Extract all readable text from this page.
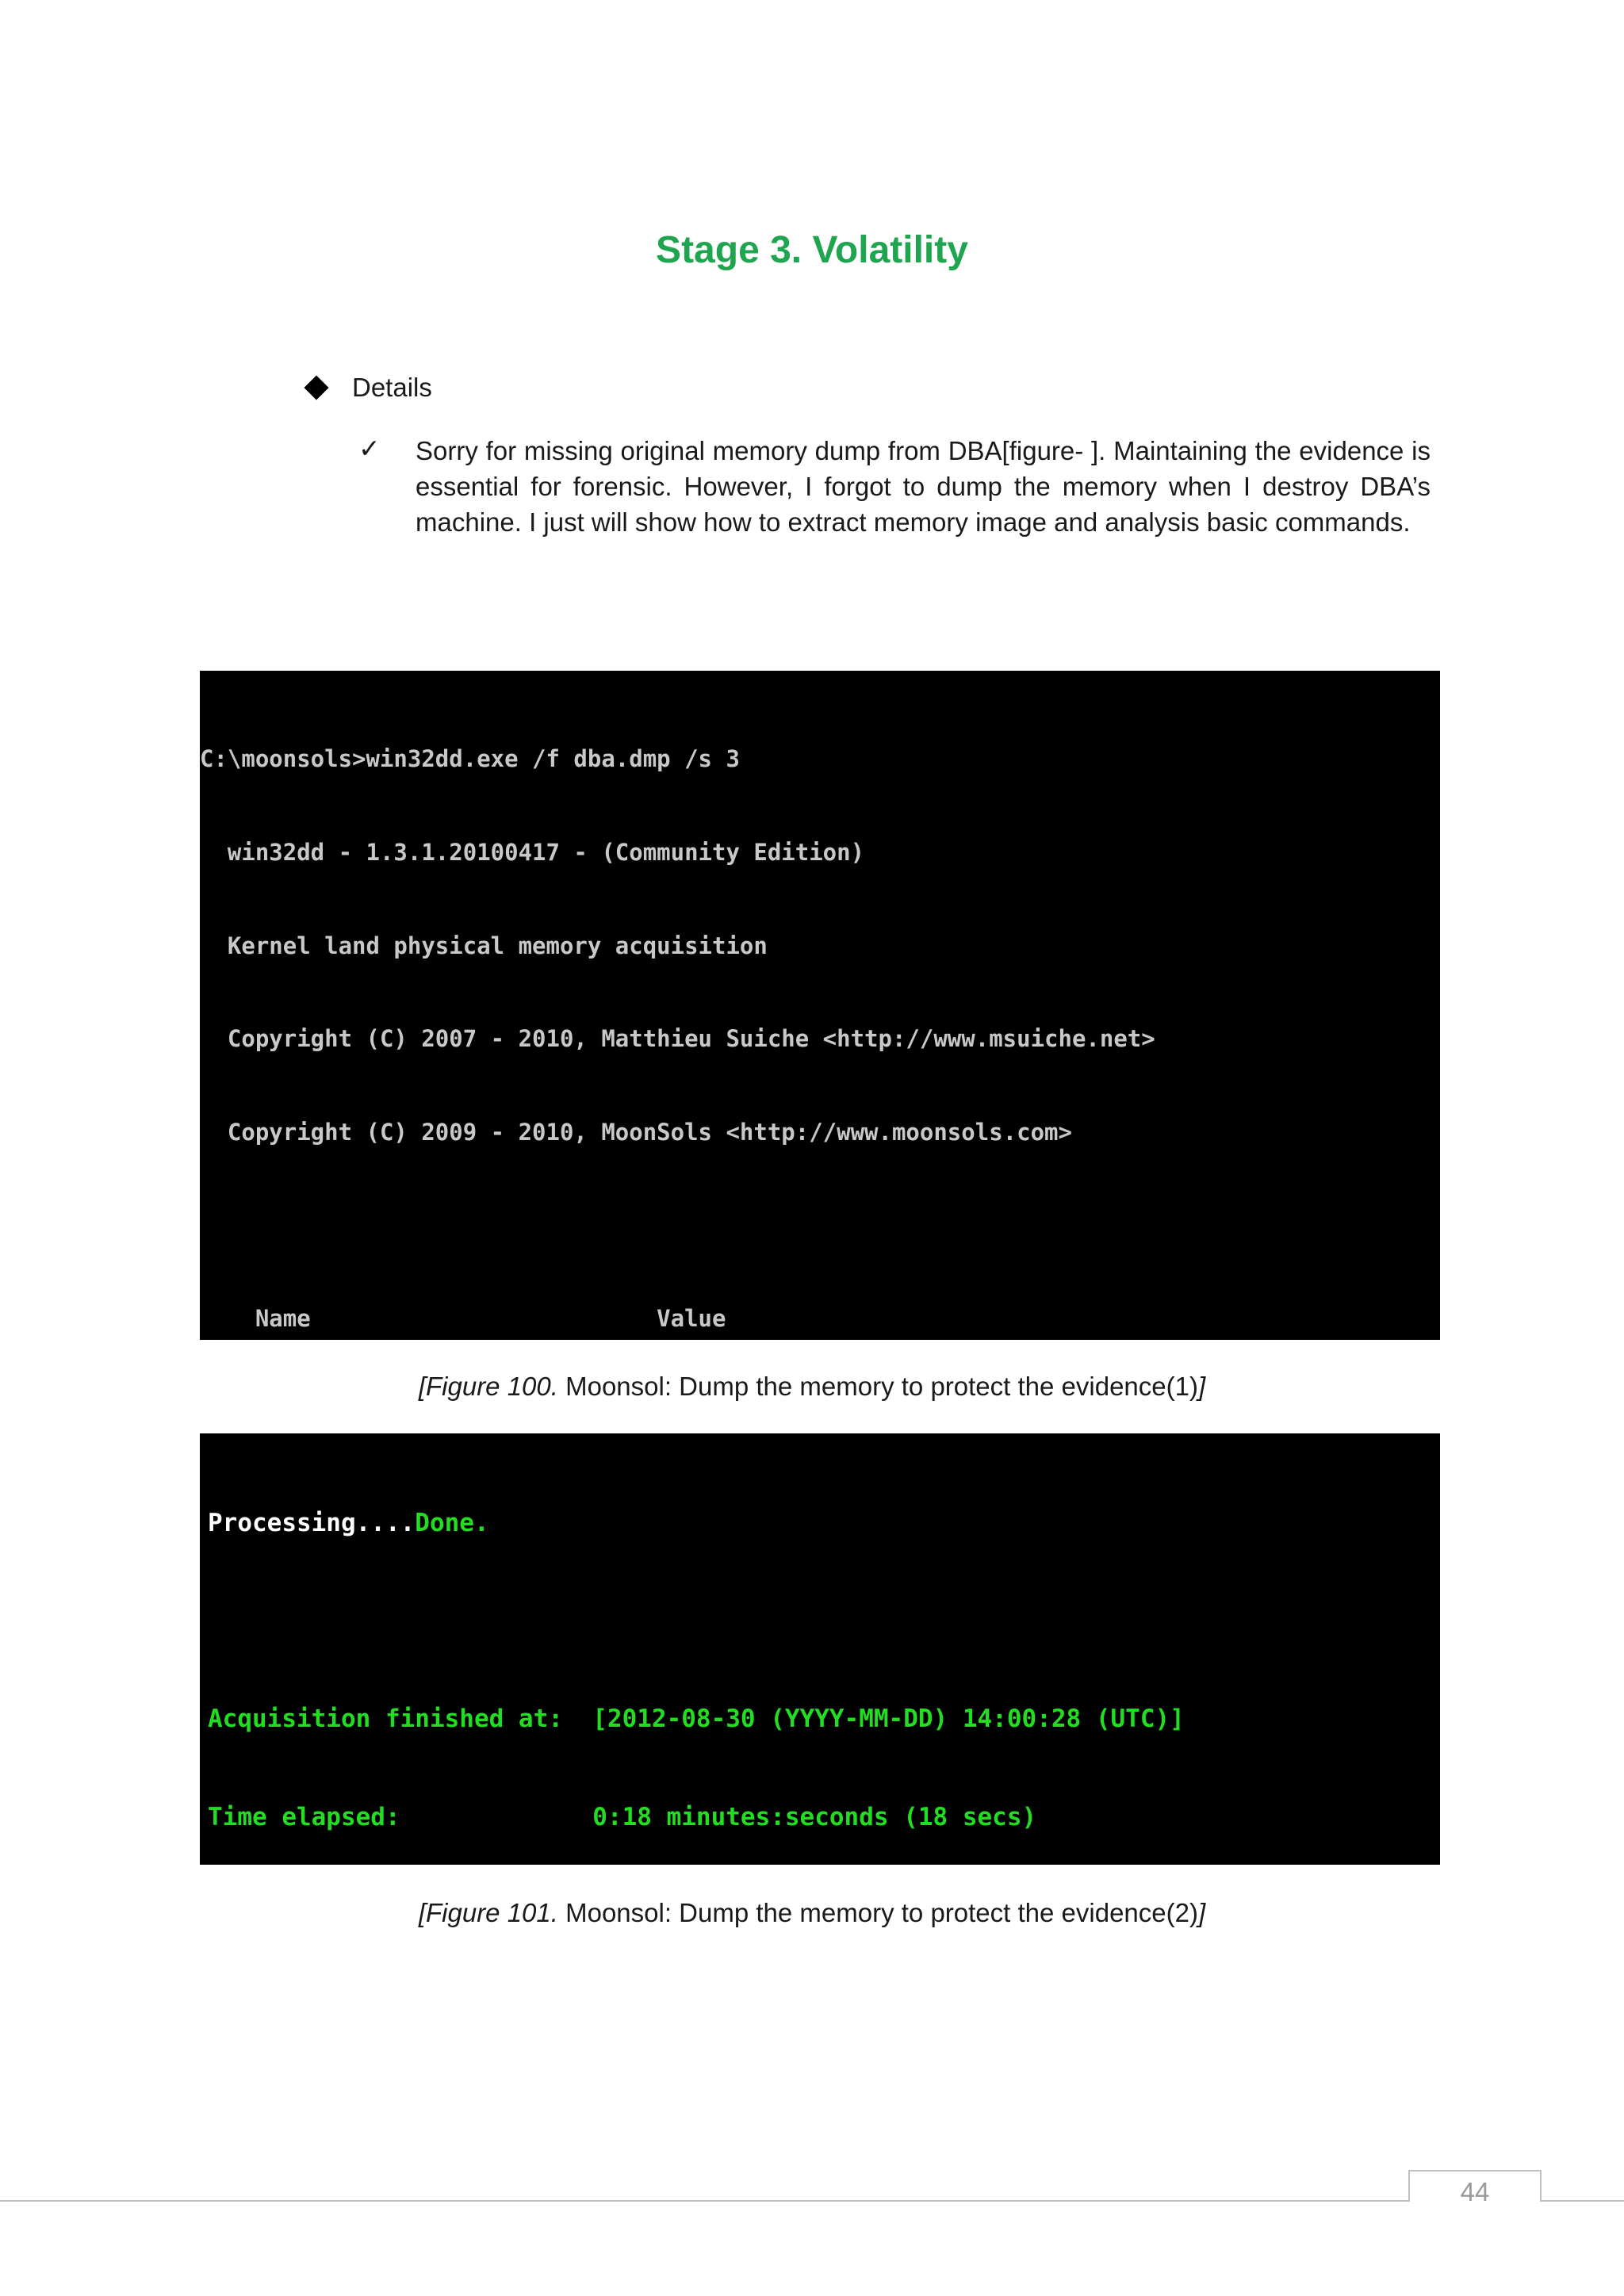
Stage 3. Volatility
Details
✓	Sorry for missing original memory dump from DBA[figure- ]. Maintaining the evidence is essential for forensic. However, I forgot to dump the memory when I destroy DBA’s machine. I just will show how to extract memory image and analysis basic commands.

C:\moonsols>win32dd.exe /f dba.dmp /s 3

win32dd - 1.3.1.20100417 - (Community Edition)

Kernel land physical memory acquisition

Copyright (C) 2007 - 2010, Matthieu Suiche <http://www.msuiche.net>

Copyright (C) 2009 - 2010, MoonSols <http://www.moonsols.com>

Name                         Value

[Figure 100. Moonsol: Dump the memory to protect the evidence(1)]

Processing....Done.

Acquisition finished at:  [2012-08-30 (YYYY-MM-DD) 14:00:28 (UTC)]

Time elapsed:             0:18 minutes:seconds (18 secs)

[Figure 101. Moonsol: Dump the memory to protect the evidence(2)]
44
